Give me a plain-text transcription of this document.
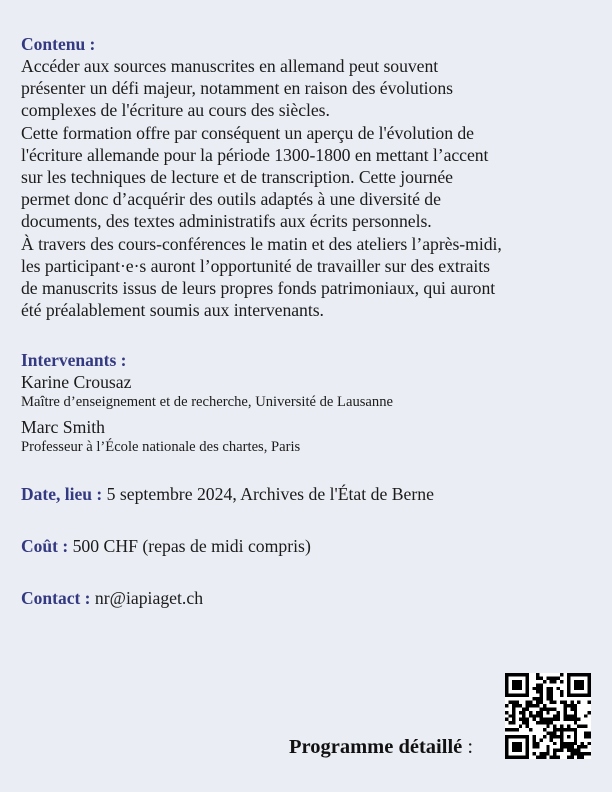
Contenu :

Accéder aux sources manuscrites en allemand peut souvent
présenter un défi majeur, notamment en raison des évolutions
complexes de l'écriture au cours des siècles.
Cette formation offre par conséquent un aperçu de l'évolution de
l'écriture allemande pour la période 1300-1800 en mettant l’accent
sur les techniques de lecture et de transcription. Cette journée
permet donc d’acquérir des outils adaptés à une diversité de
documents, des textes administratifs aux écrits personnels.
À travers des cours-conférences le matin et des ateliers l’après-midi,
les participant·e·s auront l’opportunité de travailler sur des extraits
de manuscrits issus de leurs propres fonds patrimoniaux, qui auront
été préalablement soumis aux intervenants.

Intervenants :

Karine Crousaz

Maître d’enseignement et de recherche, Université de Lausanne

Marc Smith

Professeur à l’École nationale des chartes, Paris

Date, lieu : 5 septembre 2024, Archives de l'État de Berne

Coût : 500 CHF (repas de midi compris)

Contact : nr@iapiaget.ch

Programme détaillé :
